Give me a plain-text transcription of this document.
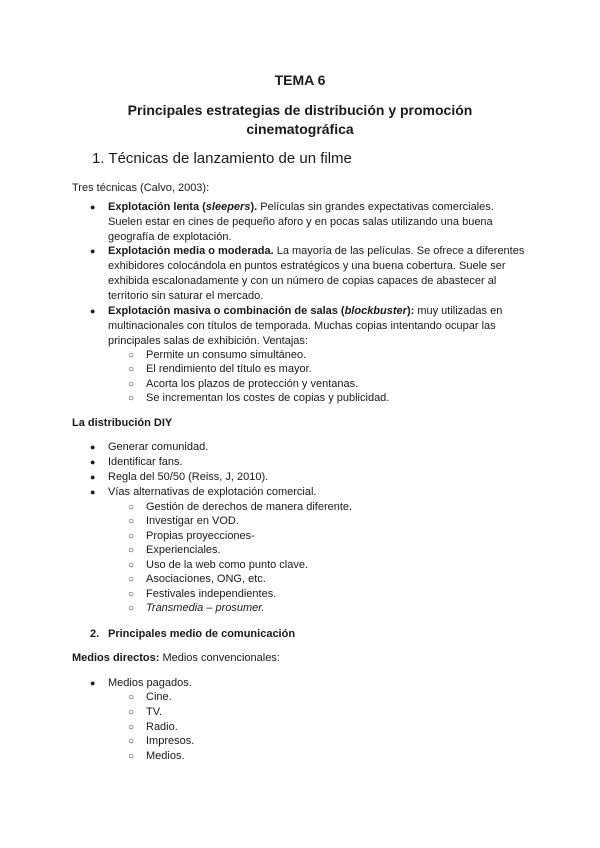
TEMA 6
Principales estrategias de distribución y promoción
cinematográfica
1. Técnicas de lanzamiento de un filme
Tres técnicas (Calvo, 2003):
● Explotación lenta (sleepers). Películas sin grandes expectativas comerciales. Suelen estar en cines de pequeño aforo y en pocas salas utilizando una buena geografía de explotación.
● Explotación media o moderada. La mayoría de las películas. Se ofrece a diferentes exhibidores colocándola en puntos estratégicos y una buena cobertura. Suele ser exhibida escalonadamente y con un número de copias capaces de abastecer al territorio sin saturar el mercado.
● Explotación masiva o combinación de salas (blockbuster): muy utilizadas en multinacionales con títulos de temporada. Muchas copias intentando ocupar las principales salas de exhibición. Ventajas:
○ Permite un consumo simultáneo.
○ El rendimiento del título es mayor.
○ Acorta los plazos de protección y ventanas.
○ Se incrementan los costes de copias y publicidad.
La distribución DIY
● Generar comunidad.
● Identificar fans.
● Regla del 50/50 (Reiss, J, 2010).
● Vías alternativas de explotación comercial.
○ Gestión de derechos de manera diferente.
○ Investigar en VOD.
○ Propias proyecciones-
○ Experienciales.
○ Uso de la web como punto clave.
○ Asociaciones, ONG, etc.
○ Festivales independientes.
○ Transmedia – prosumer.
2. Principales medio de comunicación
Medios directos: Medios convencionales:
● Medios pagados.
○ Cine.
○ TV.
○ Radio.
○ Impresos.
○ Medios.
